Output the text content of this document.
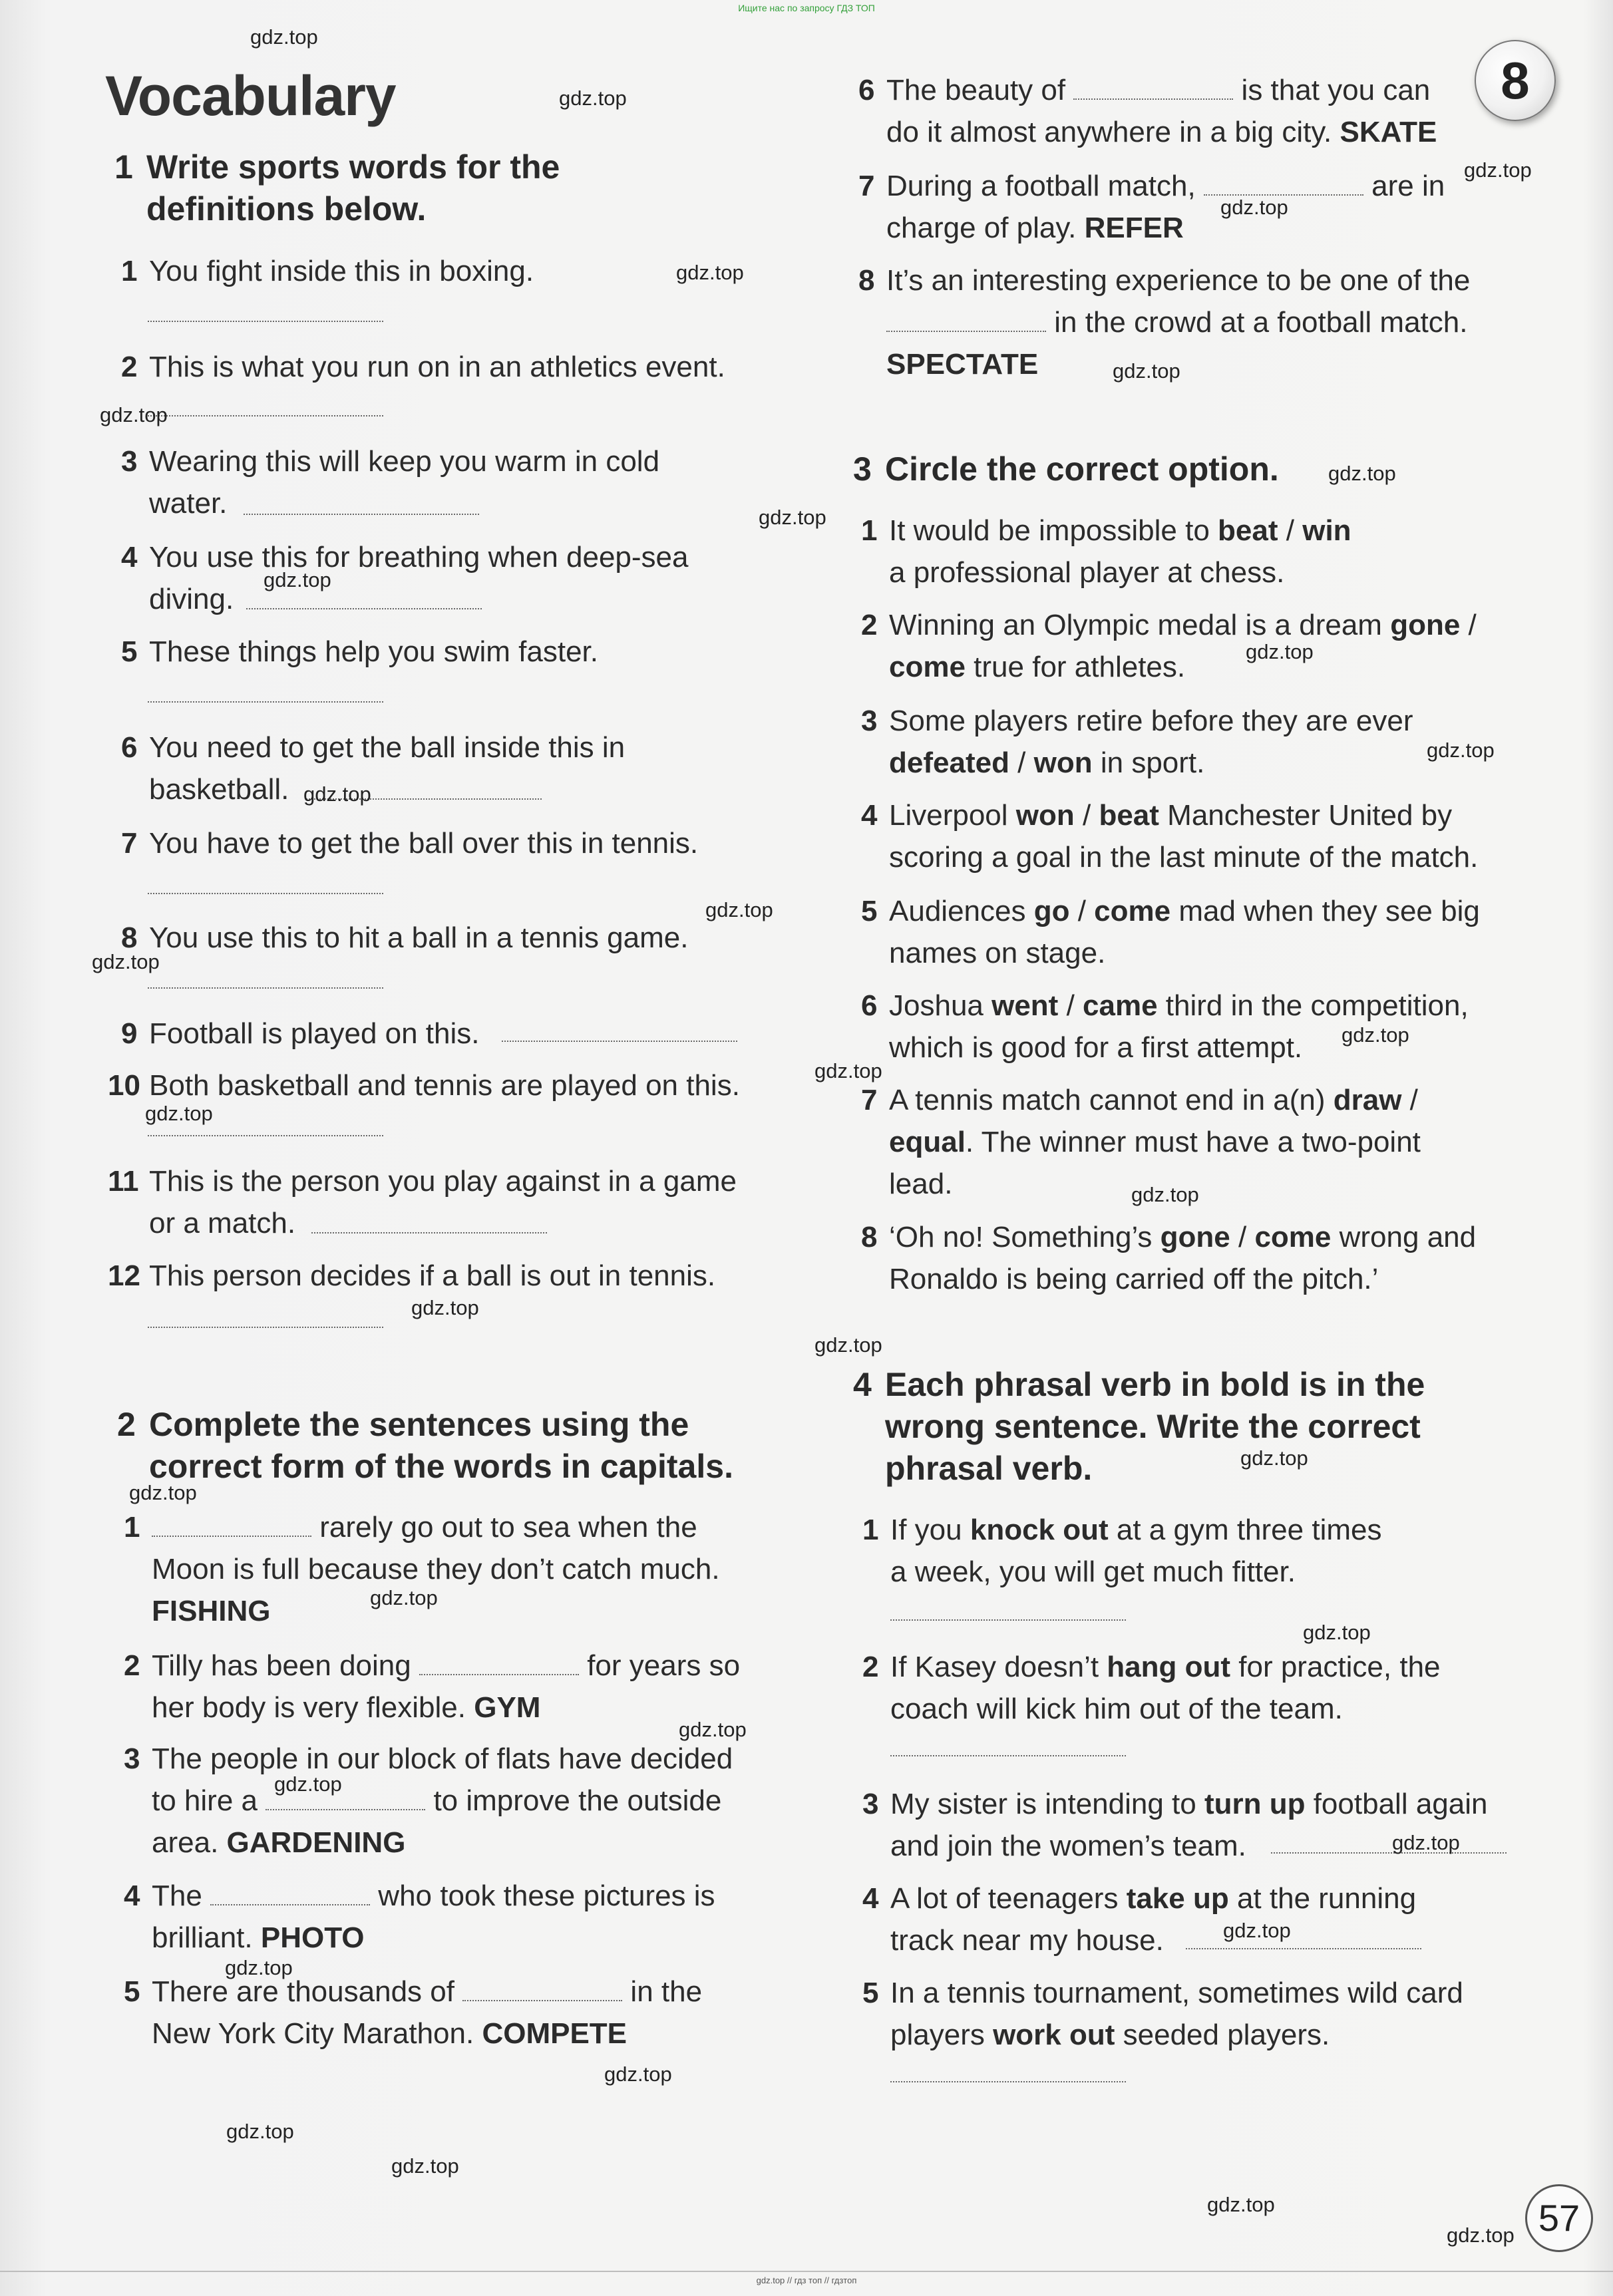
Ищите нас по запросу ГДЗ ТОП
Vocabulary	8
1 Write sports words for the
definitions below.
1 You fight inside this in boxing.
2 This is what you run on in an athletics event.
3 Wearing this will keep you warm in cold
water.
4 You use this for breathing when deep-sea
diving.
5 These things help you swim faster.
6 You need to get the ball inside this in
basketball.
7 You have to get the ball over this in tennis.
8 You use this to hit a ball in a tennis game.
9 Football is played on this.
10 Both basketball and tennis are played on this.
11 This is the person you play against in a game
or a match.
12 This person decides if a ball is out in tennis.
2 Complete the sentences using the
correct form of the words in capitals.
1	rarely go out to sea when the
Moon is full because they don’t catch much.
FISHING
2 Tilly has been doing	for years so
her body is very flexible. GYM
3 The people in our block of flats have decided
to hire a	to improve the outside
area. GARDENING
4 The	who took these pictures is
brilliant. PHOTO
5 There are thousands of	in the
New York City Marathon. COMPETE
6 The beauty of	is that you can
do it almost anywhere in a big city. SKATE
7 During a football match,	are in
charge of play. REFER
8 It’s an interesting experience to be one of the
in the crowd at a football match.
SPECTATE
3 Circle the correct option.
1 It would be impossible to beat / win
a professional player at chess.
2 Winning an Olympic medal is a dream gone /
come true for athletes.
3 Some players retire before they are ever
defeated / won in sport.
4 Liverpool won / beat Manchester United by
scoring a goal in the last minute of the match.
5 Audiences go / come mad when they see big
names on stage.
6 Joshua went / came third in the competition,
which is good for a first attempt.
7 A tennis match cannot end in a(n) draw /
equal. The winner must have a two-point
lead.
8 ‘Oh no! Something’s gone / come wrong and
Ronaldo is being carried off the pitch.’
4 Each phrasal verb in bold is in the
wrong sentence. Write the correct
phrasal verb.
1 If you knock out at a gym three times
a week, you will get much fitter.
2 If Kasey doesn’t hang out for practice, the
coach will kick him out of the team.
3 My sister is intending to turn up football again
and join the women’s team.
4 A lot of teenagers take up at the running
track near my house.
5 In a tennis tournament, sometimes wild card
players work out seeded players.
57
gdz.top
gdz.top
gdz.top
gdz.top
gdz.top
gdz.top
gdz.top
gdz.top
gdz.top
gdz.top
gdz.top
gdz.top
gdz.top
gdz.top
gdz.top
gdz.top
gdz.top
gdz.top
gdz.top
gdz.top
gdz.top
gdz.top
gdz.top
gdz.top
gdz.top
gdz.top
gdz.top
gdz.top
gdz.top
gdz.top
gdz.top
gdz.top
gdz.top
gdz.top
gdz.top
gdz.top // гдз топ // гдзтоп
